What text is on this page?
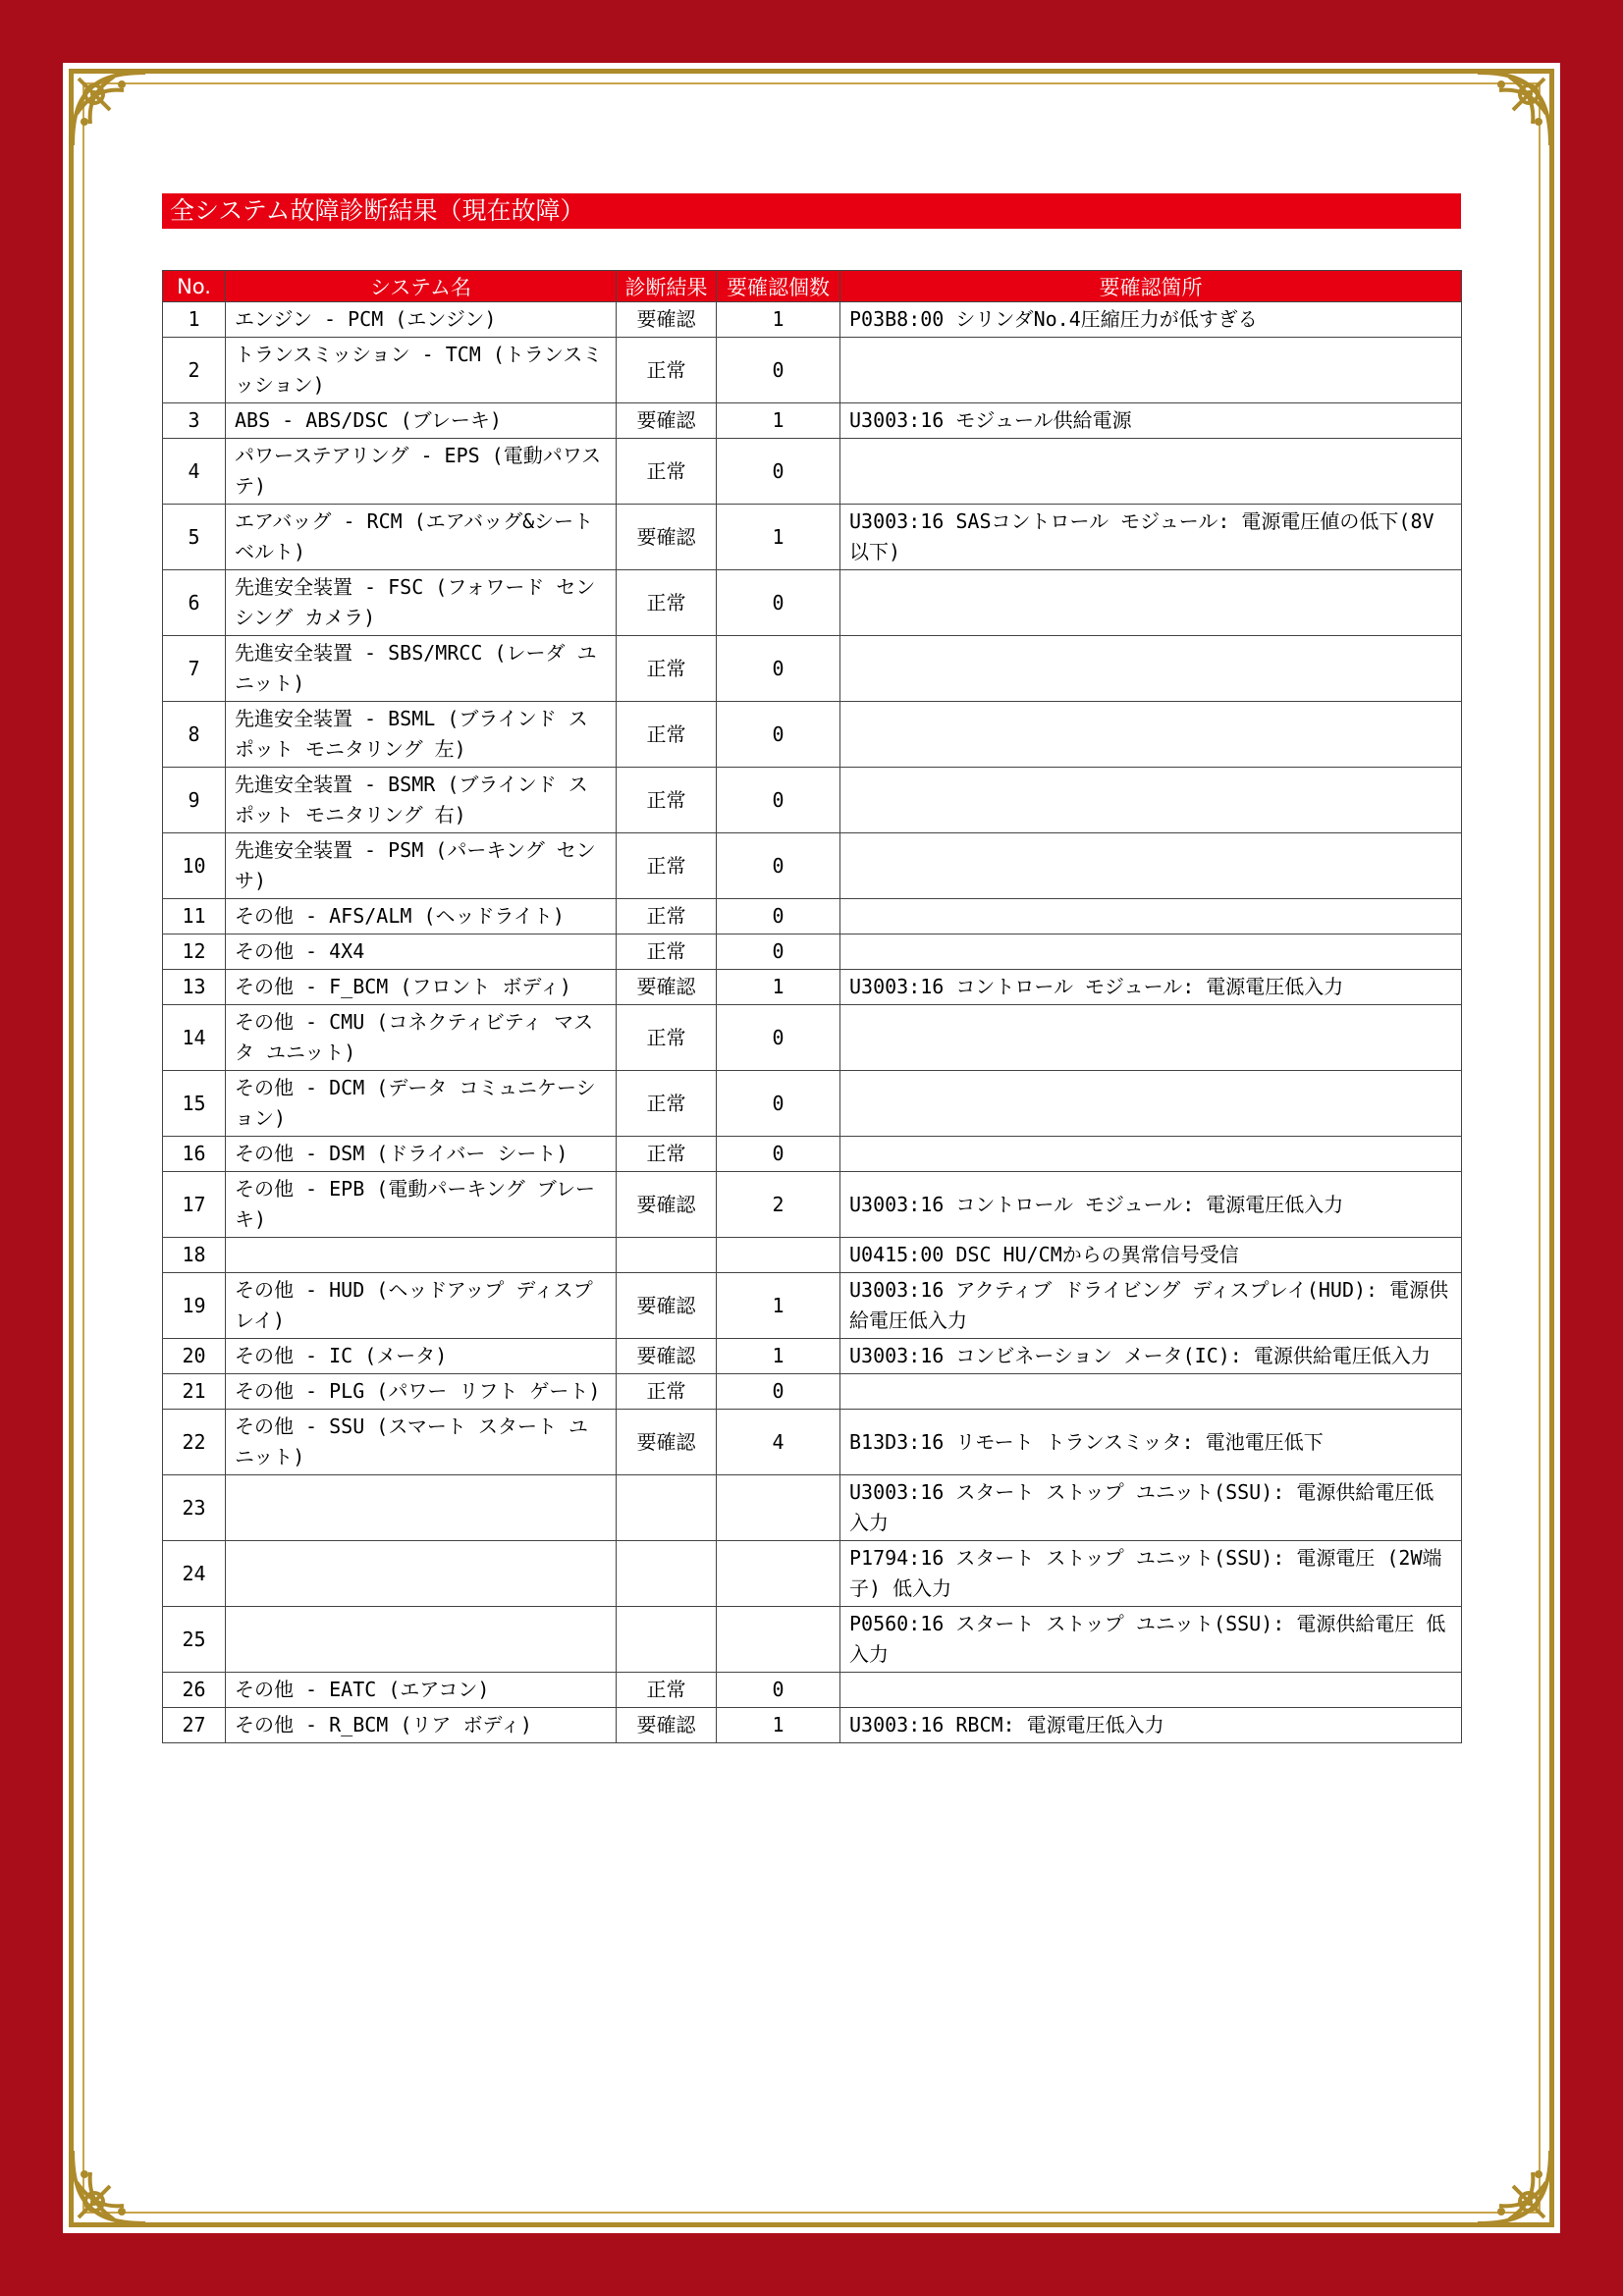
全システム故障診断結果（現在故障）
No.	システム名	診断結果	要確認個数	要確認箇所
1	エンジン - PCM (エンジン)	要確認	1	P03B8:00 シリンダNo.4圧縮圧力が低すぎる
2	トランスミッション - TCM (トランスミッション)	正常	0	
3	ABS - ABS/DSC (ブレーキ)	要確認	1	U3003:16 モジュール供給電源
4	パワーステアリング - EPS (電動パワステ)	正常	0	
5	エアバッグ - RCM (エアバッグ&シートベルト)	要確認	1	U3003:16 SASコントロール モジュール: 電源電圧値の低下(8V以下)
6	先進安全装置 - FSC (フォワード センシング カメラ)	正常	0	
7	先進安全装置 - SBS/MRCC (レーダ ユニット)	正常	0	
8	先進安全装置 - BSML (ブラインド スポット モニタリング 左)	正常	0	
9	先進安全装置 - BSMR (ブラインド スポット モニタリング 右)	正常	0	
10	先進安全装置 - PSM (パーキング センサ)	正常	0	
11	その他 - AFS/ALM (ヘッドライト)	正常	0	
12	その他 - 4X4	正常	0	
13	その他 - F_BCM (フロント ボディ)	要確認	1	U3003:16 コントロール モジュール: 電源電圧低入力
14	その他 - CMU (コネクティビティ マスタ ユニット)	正常	0	
15	その他 - DCM (データ コミュニケーション)	正常	0	
16	その他 - DSM (ドライバー シート)	正常	0	
17	その他 - EPB (電動パーキング ブレーキ)	要確認	2	U3003:16 コントロール モジュール: 電源電圧低入力
18				U0415:00 DSC HU/CMからの異常信号受信
19	その他 - HUD (ヘッドアップ ディスプレイ)	要確認	1	U3003:16 アクティブ ドライビング ディスプレイ(HUD): 電源供給電圧低入力
20	その他 - IC (メータ)	要確認	1	U3003:16 コンビネーション メータ(IC): 電源供給電圧低入力
21	その他 - PLG (パワー リフト ゲート)	正常	0	
22	その他 - SSU (スマート スタート ユニット)	要確認	4	B13D3:16 リモート トランスミッタ: 電池電圧低下
23				U3003:16 スタート ストップ ユニット(SSU): 電源供給電圧低入力
24				P1794:16 スタート ストップ ユニット(SSU): 電源電圧 (2W端子) 低入力
25				P0560:16 スタート ストップ ユニット(SSU): 電源供給電圧 低入力
26	その他 - EATC (エアコン)	正常	0	
27	その他 - R_BCM (リア ボディ)	要確認	1	U3003:16 RBCM: 電源電圧低入力
